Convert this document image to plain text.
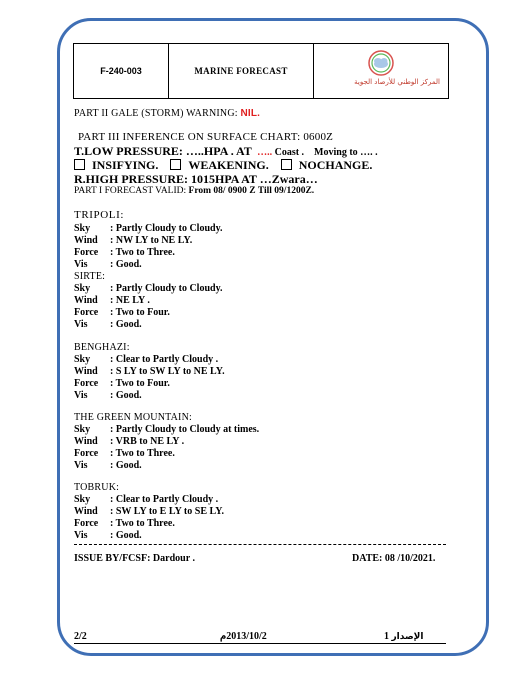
F-240-003	MARINE FORECAST
المركز الوطني للأرصاد الجوية
PART II GALE (STORM) WARNING: NIL.
PART III INFERENCE ON SURFACE CHART: 0600Z
T.LOW PRESSURE: …..HPA . AT ….. Coast . Moving to …. .
INSIFYING.	WEAKENING.	NOCHANGE.
R.HIGH PRESSURE: 1015HPA AT …Zwara…
PART I FORECAST VALID: From 08/ 0900 Z Till 09/1200Z.
TRIPOLI:
Sky : Partly Cloudy to Cloudy.
Wind : NW LY to NE LY.
Force : Two to Three.
Vis : Good.
SIRTE:
Sky : Partly Cloudy to Cloudy.
Wind : NE LY .
Force : Two to Four.
Vis : Good.
BENGHAZI:
Sky : Clear to Partly Cloudy .
Wind : S LY to SW LY to NE LY.
Force : Two to Four.
Vis : Good.
THE GREEN MOUNTAIN:
Sky : Partly Cloudy to Cloudy at times.
Wind : VRB to NE LY .
Force : Two to Three.
Vis : Good.
TOBRUK:
Sky : Clear to Partly Cloudy .
Wind : SW LY to E LY to SE LY.
Force : Two to Three.
Vis : Good.
ISSUE BY/FCSF: Dardour .	DATE: 08 /10/2021.
2/2	2013/10/2م	1 الإصدار
